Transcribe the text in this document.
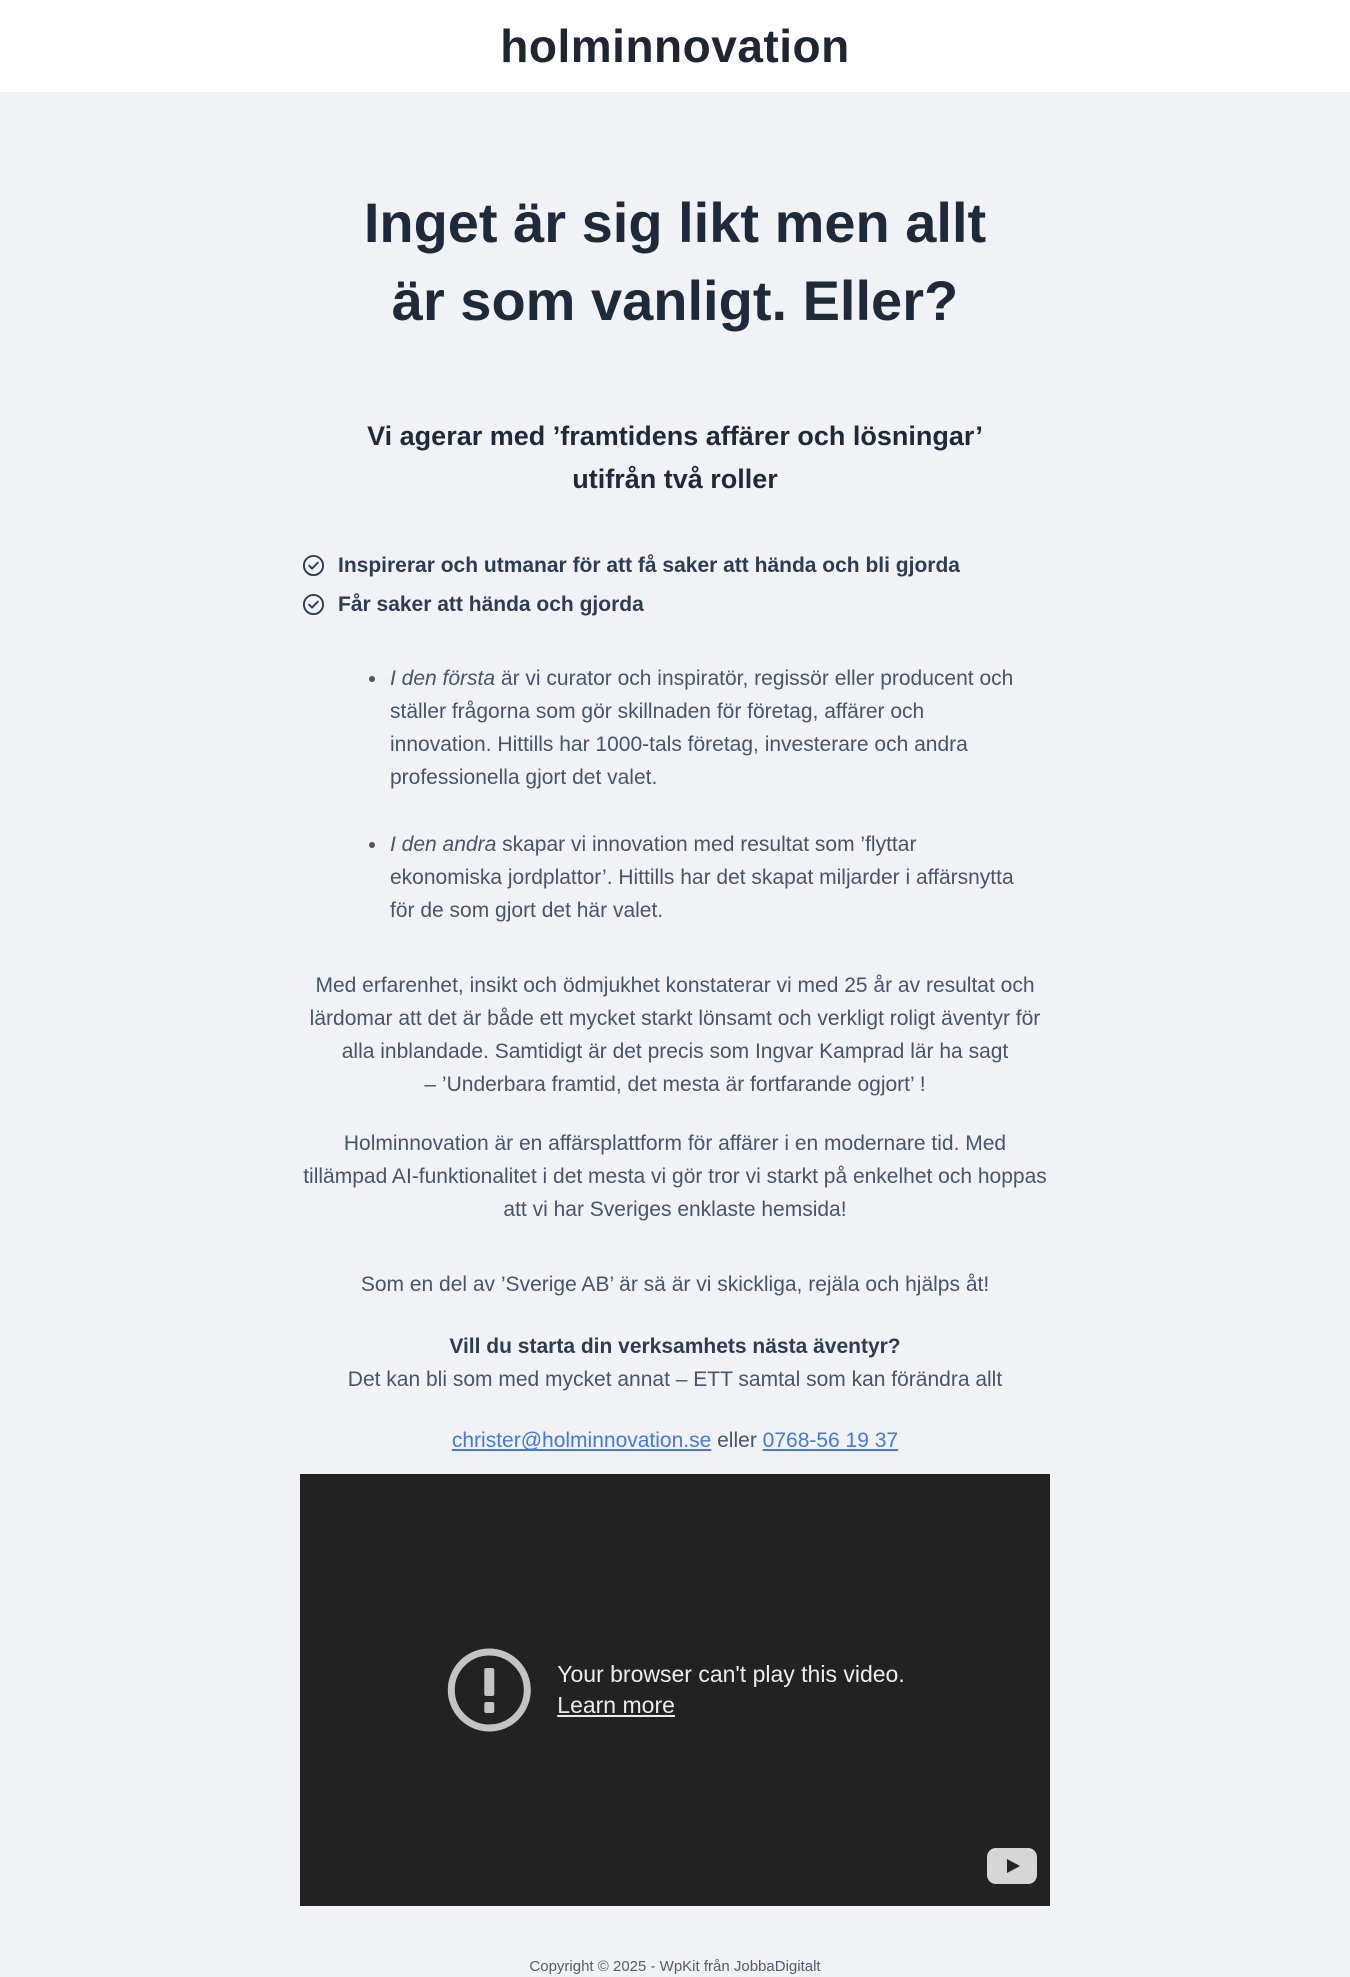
holminnovation
Inget är sig likt men allt
är som vanligt. Eller?
Vi agerar med ’framtidens affärer och lösningar’
utifrån två roller
Inspirerar och utmanar för att få saker att hända och bli gjorda
Får saker att hända och gjorda
• I den första är vi curator och inspiratör, regissör eller producent och ställer frågorna som gör skillnaden för företag, affärer och innovation. Hittills har 1000-tals företag, investerare och andra professionella gjort det valet.
• I den andra skapar vi innovation med resultat som ’flyttar ekonomiska jordplattor’. Hittills har det skapat miljarder i affärsnytta för de som gjort det här valet.

Med erfarenhet, insikt och ödmjukhet konstaterar vi med 25 år av resultat och lärdomar att det är både ett mycket starkt lönsamt och verkligt roligt äventyr för alla inblandade. Samtidigt är det precis som Ingvar Kamprad lär ha sagt
– ’Underbara framtid, det mesta är fortfarande ogjort’ !

Holminnovation är en affärsplattform för affärer i en modernare tid. Med tillämpad AI-funktionalitet i det mesta vi gör tror vi starkt på enkelhet och hoppas att vi har Sveriges enklaste hemsida!

Som en del av ’Sverige AB’ är sä är vi skickliga, rejäla och hjälps åt!

Vill du starta din verksamhets nästa äventyr?
Det kan bli som med mycket annat – ETT samtal som kan förändra allt

christer@holminnovation.se eller 0768-56 19 37

Your browser can't play this video.
Learn more
Copyright © 2025 - WpKit från JobbaDigitalt
